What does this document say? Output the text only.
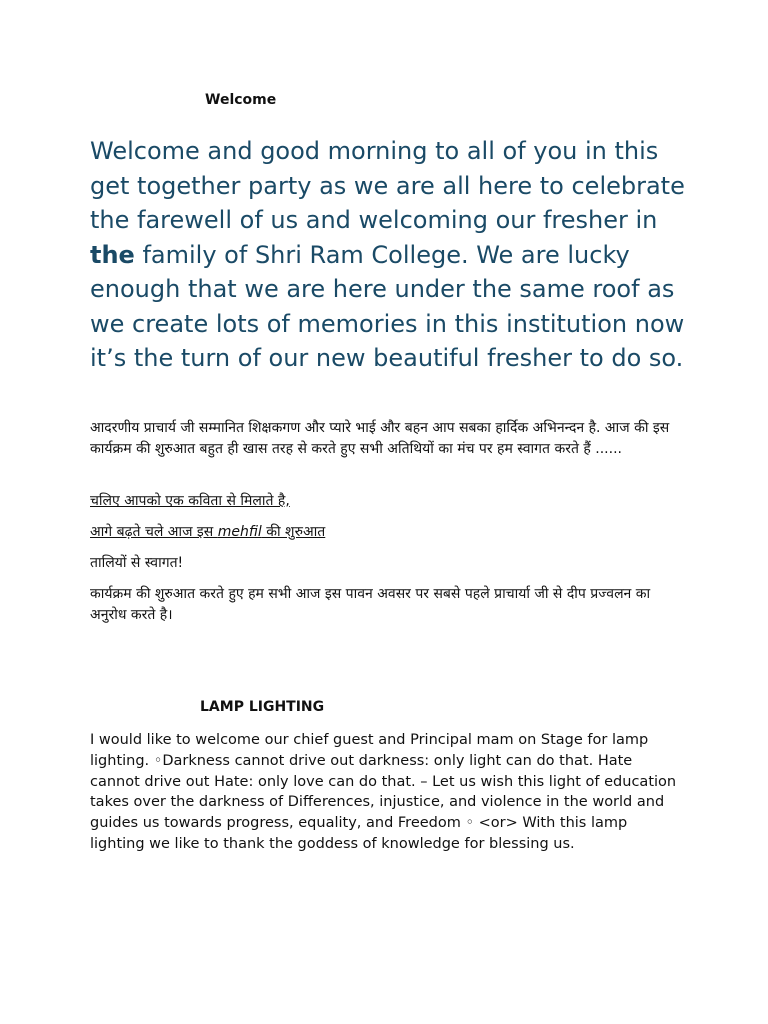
Welcome

Welcome and good morning to all of you in this get together party as we are all here to celebrate the farewell of us and welcoming our fresher in the family of Shri Ram College. We are lucky enough that we are here under the same roof as we create lots of memories in this institution now it’s the turn of our new beautiful fresher to do so.

आदरणीय प्राचार्य जी सम्मानित शिक्षकगण और प्यारे भाई और बहन आप सबका हार्दिक अभिनन्दन है. आज की इस कार्यक्रम की शुरुआत बहुत ही खास तरह से करते हुए सभी अतिथियों का मंच पर हम स्वागत करते हैं ......

चलिए आपको एक कविता से मिलाते है,

आगे बढ़ते चले आज इस mehfil की शुरुआत

तालियों से स्वागत!

कार्यक्रम की शुरुआत करते हुए हम सभी आज इस पावन अवसर पर सबसे पहले प्राचार्या जी से दीप प्रज्वलन का अनुरोध करते है।

LAMP LIGHTING

I would like to welcome our chief guest and Principal mam on Stage for lamp lighting. ◦Darkness cannot drive out darkness: only light can do that. Hate cannot drive out Hate: only love can do that. – Let us wish this light of education takes over the darkness of Differences, injustice, and violence in the world and guides us towards progress, equality, and Freedom ◦ <or> With this lamp lighting we like to thank the goddess of knowledge for blessing us.
